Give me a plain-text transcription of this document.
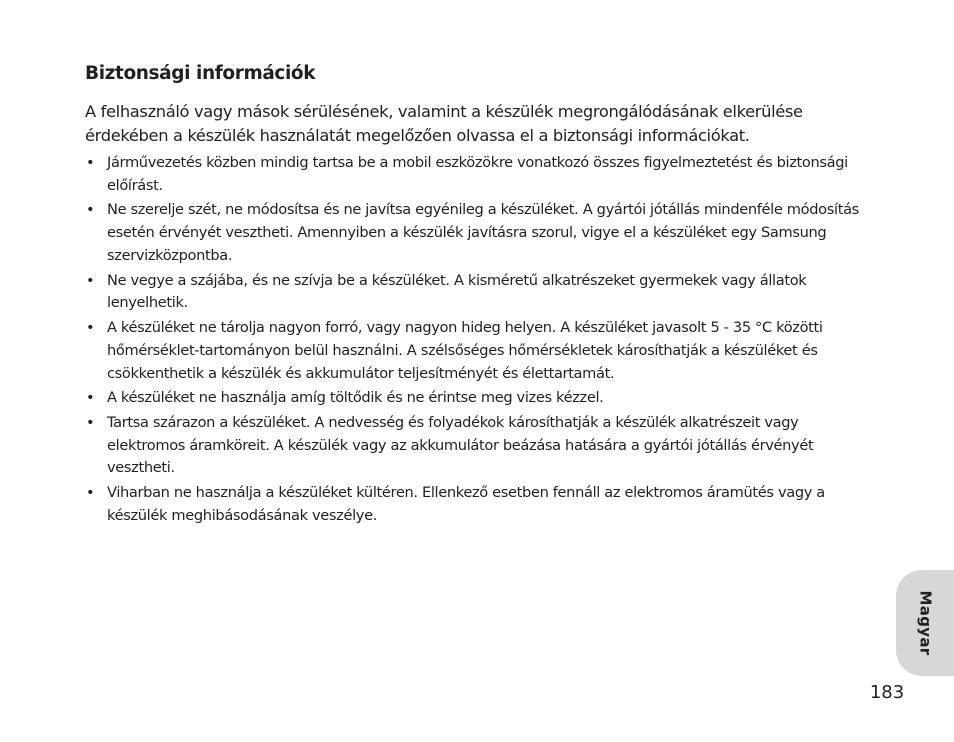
Biztonsági információk

A felhasználó vagy mások sérülésének, valamint a készülék megrongálódásának elkerülése érdekében a készülék használatát megelőzően olvassa el a biztonsági információkat.

• Járművezetés közben mindig tartsa be a mobil eszközökre vonatkozó összes figyelmeztetést és biztonsági előírást.
• Ne szerelje szét, ne módosítsa és ne javítsa egyénileg a készüléket. A gyártói jótállás mindenféle módosítás esetén érvényét vesztheti. Amennyiben a készülék javításra szorul, vigye el a készüléket egy Samsung szervizközpontba.
• Ne vegye a szájába, és ne szívja be a készüléket. A kisméretű alkatrészeket gyermekek vagy állatok lenyelhetik.
• A készüléket ne tárolja nagyon forró, vagy nagyon hideg helyen. A készüléket javasolt 5 - 35 °C közötti hőmérséklet-tartományon belül használni. A szélsőséges hőmérsékletek károsíthatják a készüléket és csökkenthetik a készülék és akkumulátor teljesítményét és élettartamát.
• A készüléket ne használja amíg töltődik és ne érintse meg vizes kézzel.
• Tartsa szárazon a készüléket. A nedvesség és folyadékok károsíthatják a készülék alkatrészeit vagy elektromos áramköreit. A készülék vagy az akkumulátor beázása hatására a gyártói jótállás érvényét vesztheti.
• Viharban ne használja a készüléket kültéren. Ellenkező esetben fennáll az elektromos áramütés vagy a készülék meghibásodásának veszélye.
Magyar
183
